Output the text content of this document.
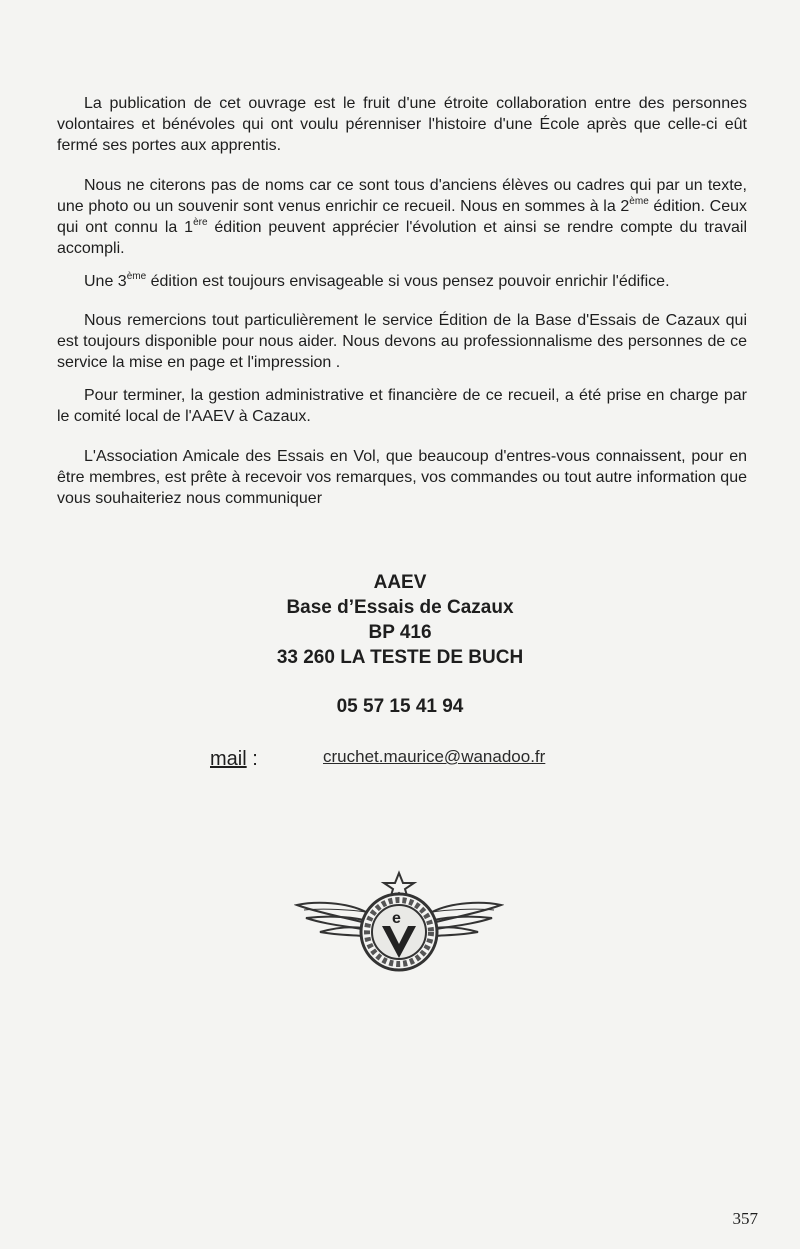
La publication de cet ouvrage est le fruit d'une étroite collaboration entre des personnes volontaires et bénévoles qui ont voulu pérenniser l'histoire d'une École après que celle-ci eût fermé ses portes aux apprentis.

Nous ne citerons pas de noms car ce sont tous d'anciens élèves ou cadres qui par un texte, une photo ou un souvenir sont venus enrichir ce recueil. Nous en sommes à la 2ème édition. Ceux qui ont connu la 1ère édition peuvent apprécier l'évolution et ainsi se rendre compte du travail accompli.

Une 3ème édition est toujours envisageable si vous pensez pouvoir enrichir l'édifice.

Nous remercions tout particulièrement le service Édition de la Base d'Essais de Cazaux qui est toujours disponible pour nous aider. Nous devons au professionnalisme des personnes de ce service la mise en page et l'impression .

Pour terminer, la gestion administrative et financière de ce recueil, a été prise en charge par le comité local de l'AAEV à Cazaux.

L'Association Amicale des Essais en Vol, que beaucoup d'entres-vous connaissent, pour en être membres, est prête à recevoir vos remarques, vos commandes ou tout autre information que vous souhaiteriez nous communiquer

AAEV

Base d’Essais de Cazaux

BP 416

33 260 LA TESTE DE BUCH

05 57 15 41 94

mail :	cruchet.maurice@wanadoo.fr
e
357
